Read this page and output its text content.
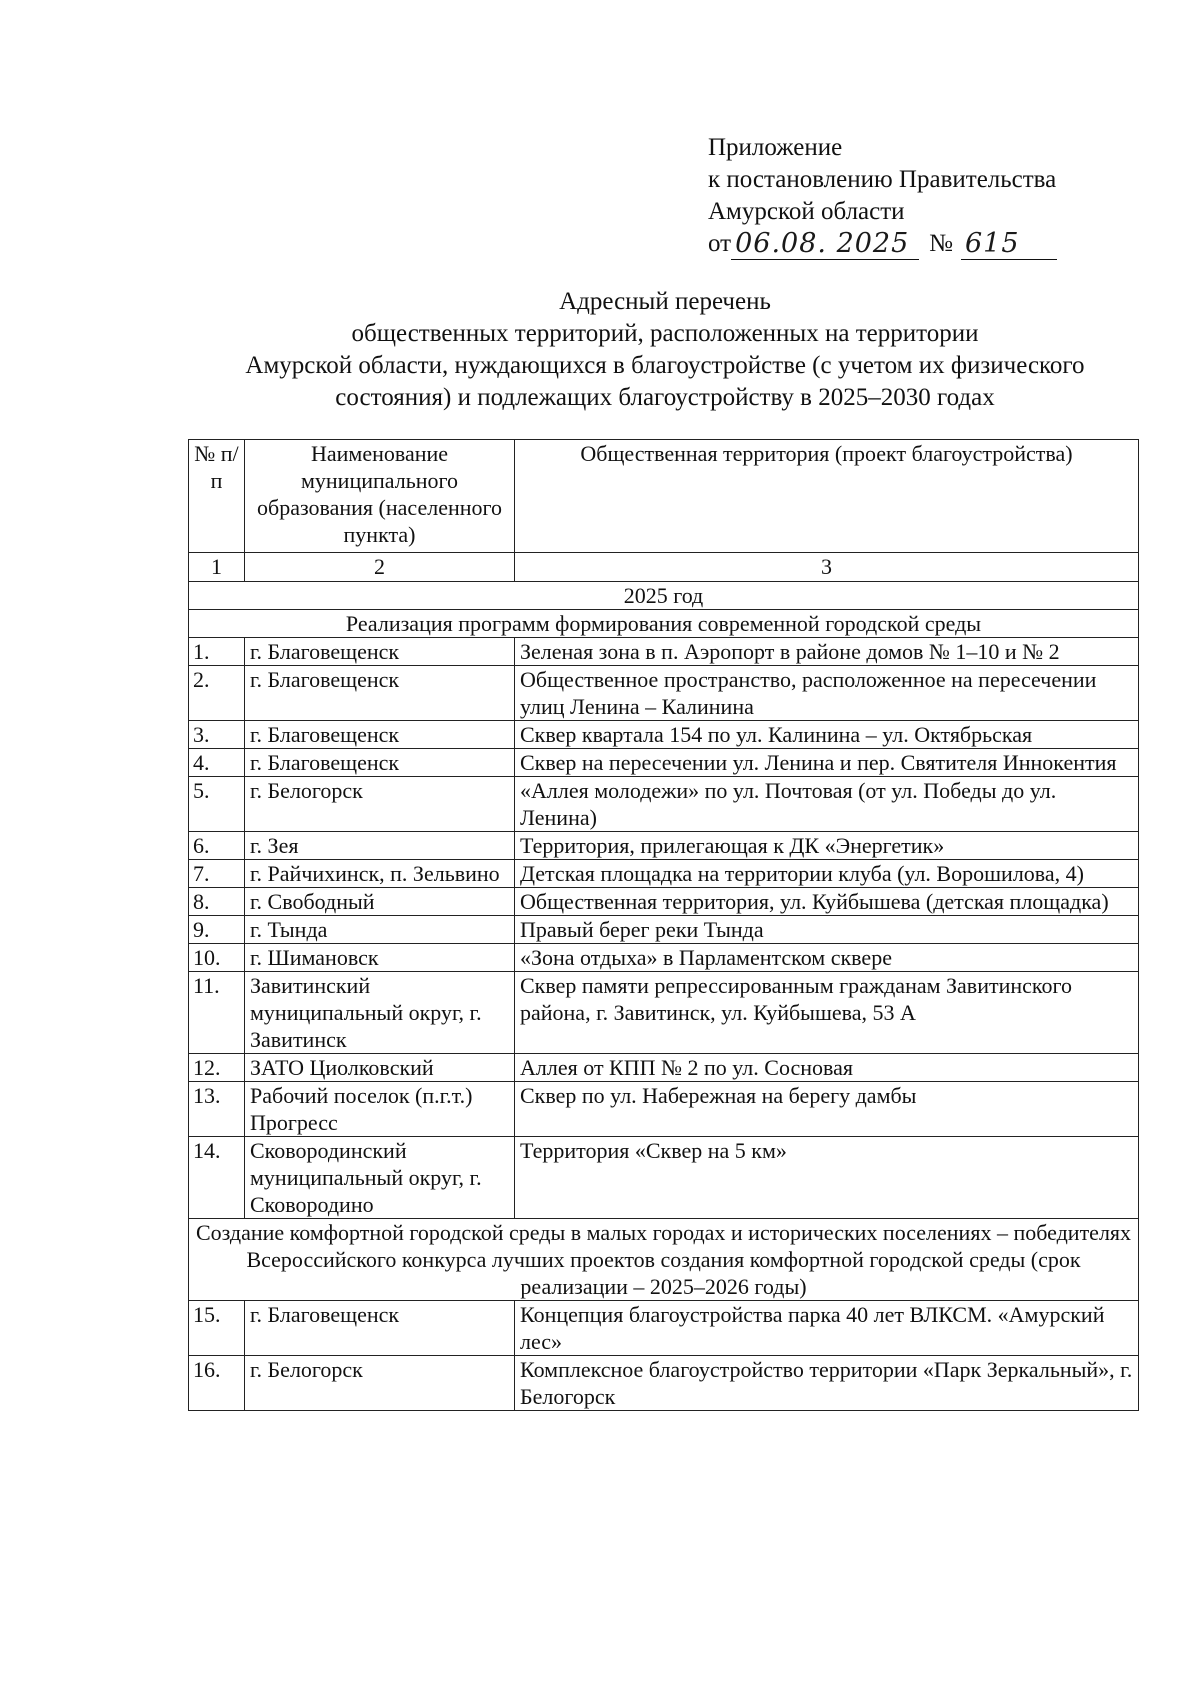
Приложение
к постановлению Правительства
Амурской области
от 06.08. 2025 № 615
Адресный перечень
общественных территорий, расположенных на территории
Амурской области, нуждающихся в благоустройстве (с учетом их физического
состояния) и подлежащих благоустройству в 2025–2030 годах
№ п/п	Наименование муниципального образования (населенного пункта)	Общественная территория (проект благоустройства)
1	2	3
2025 год		
Реализация программ формирования современной городской среды		
1.	г. Благовещенск	Зеленая зона в п. Аэропорт в районе домов № 1–10 и № 2
2.	г. Благовещенск	Общественное пространство, расположенное на пересечении улиц Ленина – Калинина
3.	г. Благовещенск	Сквер квартала 154 по ул. Калинина – ул. Октябрьская
4.	г. Благовещенск	Сквер на пересечении ул. Ленина и пер. Святителя Иннокентия
5.	г. Белогорск	«Аллея молодежи» по ул. Почтовая (от ул. Победы до ул. Ленина)
6.	г. Зея	Территория, прилегающая к ДК «Энергетик»
7.	г. Райчихинск, п. Зельвино	Детская площадка на территории клуба (ул. Ворошилова, 4)
8.	г. Свободный	Общественная территория, ул. Куйбышева (детская площадка)
9.	г. Тында	Правый берег реки Тында
10.	г. Шимановск	«Зона отдыха» в Парламентском сквере
11.	Завитинский муниципальный округ, г. Завитинск	Сквер памяти репрессированным гражданам Завитинского района, г. Завитинск, ул. Куйбышева, 53 А
12.	ЗАТО Циолковский	Аллея от КПП № 2 по ул. Сосновая
13.	Рабочий поселок (п.г.т.) Прогресс	Сквер по ул. Набережная на берегу дамбы
14.	Сковородинский муниципальный округ, г. Сковородино	Территория «Сквер на 5 км»
Создание комфортной городской среды в малых городах и исторических поселениях – победителях Всероссийского конкурса лучших проектов создания комфортной городской среды (срок реализации – 2025–2026 годы)		
15.	г. Благовещенск	Концепция благоустройства парка 40 лет ВЛКСМ. «Амурский лес»
16.	г. Белогорск	Комплексное благоустройство территории «Парк Зеркальный», г. Белогорск
